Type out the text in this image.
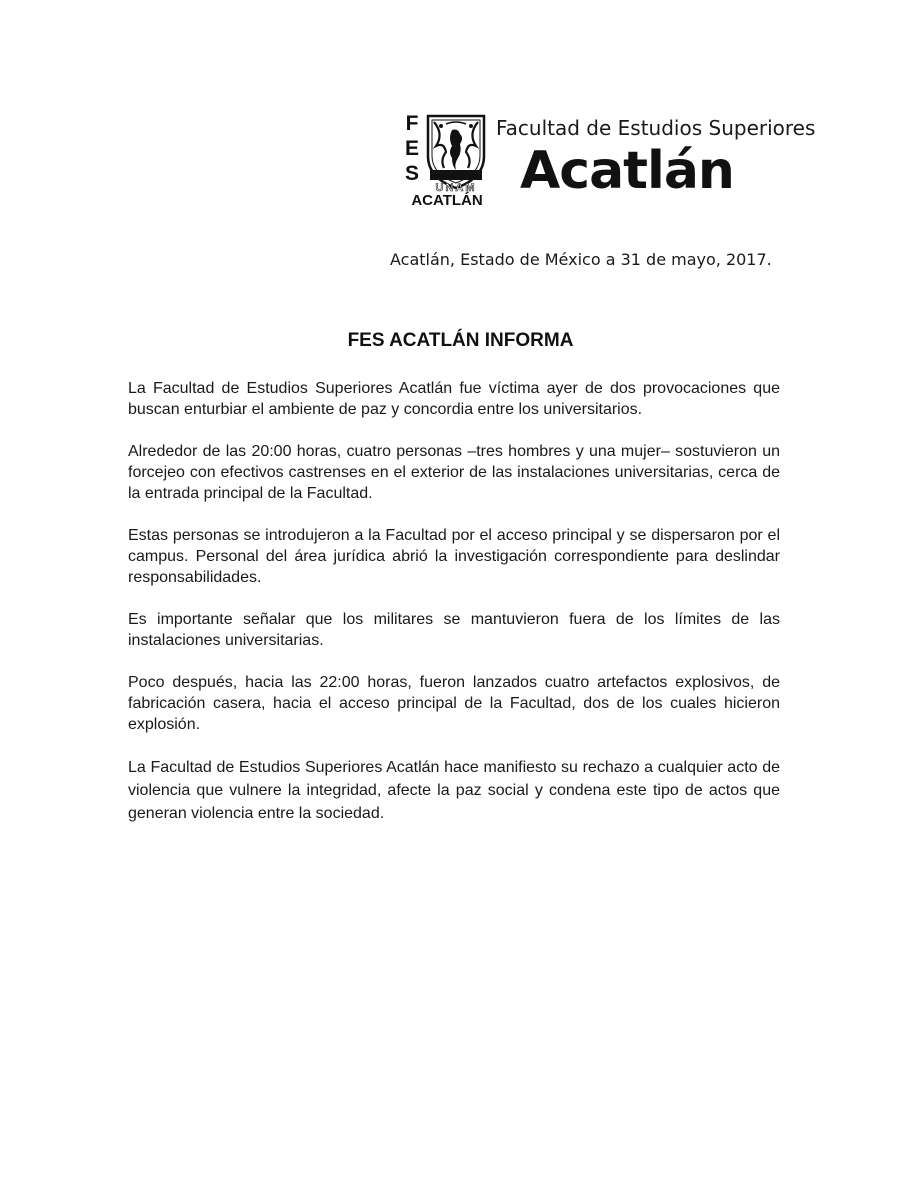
F
E
S
UNAM
ACATLÁN
Facultad de Estudios Superiores
Acatlán
Acatlán, Estado de México a 31 de mayo, 2017.
FES ACATLÁN INFORMA

La Facultad de Estudios Superiores Acatlán fue víctima ayer de dos provocaciones que buscan enturbiar el ambiente de paz y concordia entre los universitarios.

Alrededor de las 20:00 horas, cuatro personas –tres hombres y una mujer– sostuvieron un forcejeo con efectivos castrenses en el exterior de las instalaciones universitarias, cerca de la entrada principal de la Facultad.

Estas personas se introdujeron a la Facultad por el acceso principal y se dispersaron por el campus. Personal del área jurídica abrió la investigación correspondiente para deslindar responsabilidades.

Es importante señalar que los militares se mantuvieron fuera de los límites de las instalaciones universitarias.

Poco después, hacia las 22:00 horas, fueron lanzados cuatro artefactos explosivos, de fabricación casera, hacia el acceso principal de la Facultad, dos de los cuales hicieron explosión.

La Facultad de Estudios Superiores Acatlán hace manifiesto su rechazo a cualquier acto de violencia que vulnere la integridad, afecte la paz social y condena este tipo de actos que generan violencia entre la sociedad.
